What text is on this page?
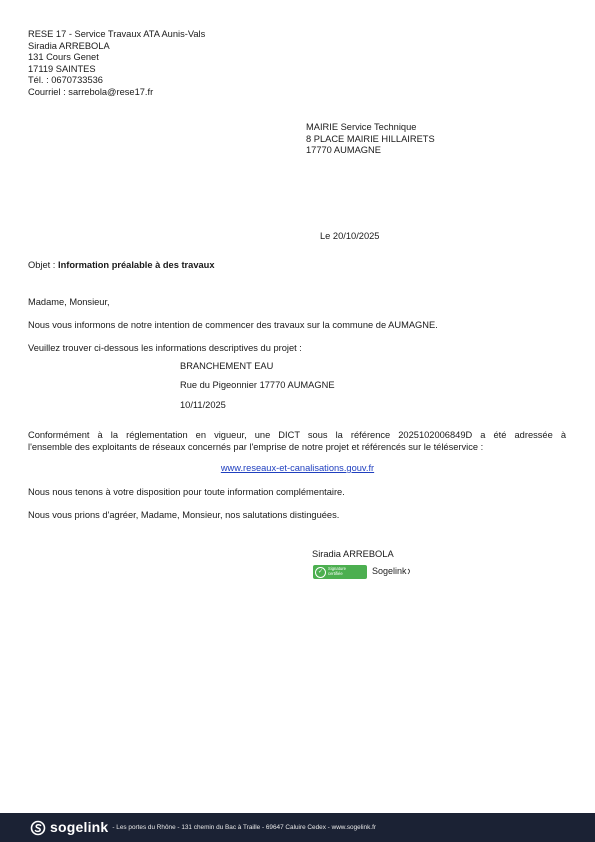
RESE 17 - Service Travaux ATA Aunis-Vals
Siradia ARREBOLA
131 Cours Genet
17119 SAINTES
Tél. : 0670733536
Courriel : sarrebola@rese17.fr
MAIRIE Service Technique
8 PLACE MAIRIE HILLAIRETS
17770 AUMAGNE
Le 20/10/2025
Objet : Information préalable à des travaux
Madame, Monsieur,
Nous vous informons de notre intention de commencer des travaux sur la commune de AUMAGNE.
Veuillez trouver ci-dessous les informations descriptives du projet :
BRANCHEMENT EAU
Rue du Pigeonnier 17770 AUMAGNE
10/11/2025
Conformément à la réglementation en vigueur, une DICT sous la référence 2025102006849D a été adressée à
l'ensemble des exploitants de réseaux concernés par l'emprise de notre projet et référencés sur le téléservice :
www.reseaux-et-canalisations.gouv.fr
Nous nous tenons à votre disposition pour toute information complémentaire.
Nous vous prions d'agréer, Madame, Monsieur, nos salutations distinguées.
Siradia ARREBOLA
✓	Signature
certifiée	Sogelink
sogelink - Les portes du Rhône - 131 chemin du Bac à Traille - 69647 Caluire Cedex - www.sogelink.fr
